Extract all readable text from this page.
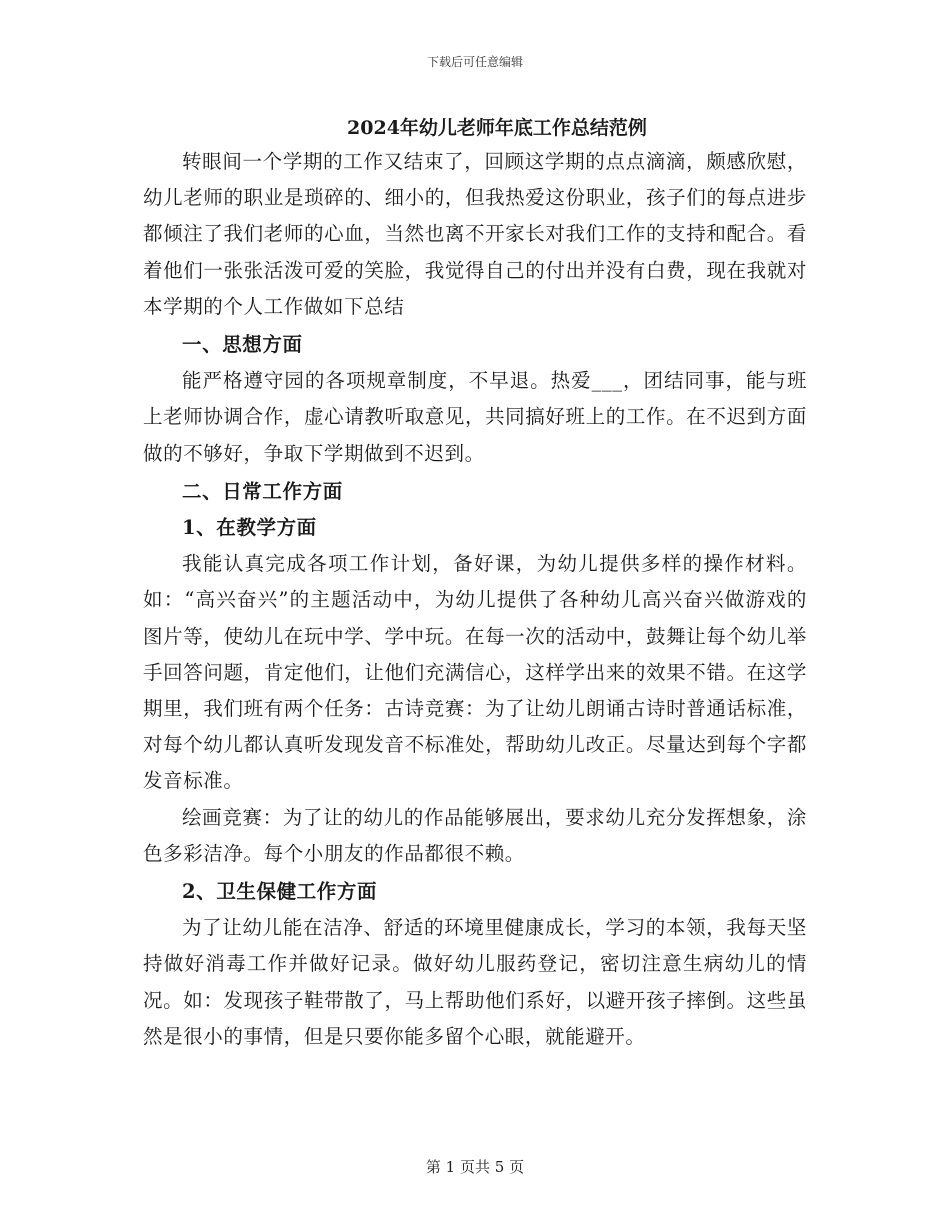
下载后可任意编辑
2024年幼儿老师年底工作总结范例

转眼间一个学期的工作又结束了，回顾这学期的点点滴滴，颇感欣慰，幼儿老师的职业是琐碎的、细小的，但我热爱这份职业，孩子们的每点进步都倾注了我们老师的心血，当然也离不开家长对我们工作的支持和配合。看着他们一张张活泼可爱的笑脸，我觉得自己的付出并没有白费，现在我就对本学期的个人工作做如下总结

一、思想方面

能严格遵守园的各项规章制度，不早退。热爱___，团结同事，能与班上老师协调合作，虚心请教听取意见，共同搞好班上的工作。在不迟到方面做的不够好，争取下学期做到不迟到。

二、日常工作方面

1、在教学方面

我能认真完成各项工作计划，备好课，为幼儿提供多样的操作材料。如：“高兴奋兴”的主题活动中，为幼儿提供了各种幼儿高兴奋兴做游戏的图片等，使幼儿在玩中学、学中玩。在每一次的活动中，鼓舞让每个幼儿举手回答问题，肯定他们，让他们充满信心，这样学出来的效果不错。在这学期里，我们班有两个任务：古诗竞赛：为了让幼儿朗诵古诗时普通话标准，对每个幼儿都认真听发现发音不标准处，帮助幼儿改正。尽量达到每个字都发音标准。

绘画竞赛：为了让的幼儿的作品能够展出，要求幼儿充分发挥想象，涂色多彩洁净。每个小朋友的作品都很不赖。

2、卫生保健工作方面

为了让幼儿能在洁净、舒适的环境里健康成长，学习的本领，我每天坚持做好消毒工作并做好记录。做好幼儿服药登记，密切注意生病幼儿的情况。如：发现孩子鞋带散了，马上帮助他们系好，以避开孩子摔倒。这些虽然是很小的事情，但是只要你能多留个心眼，就能避开。

第 1 页共 5 页
